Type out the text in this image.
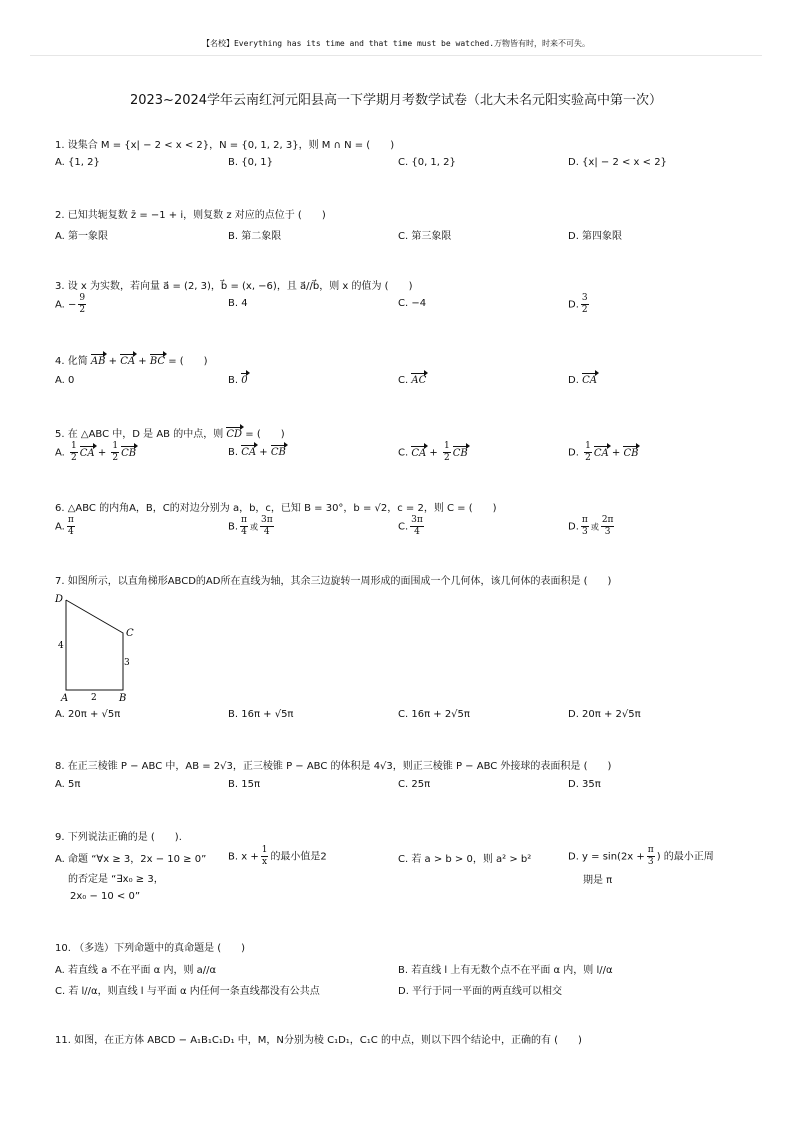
【名校】Everything has its time and that time must be watched.万物皆有时，时来不可失。
2023~2024学年云南红河元阳县高一下学期月考数学试卷（北大未名元阳实验高中第一次）
1. 设集合 M = {x| − 2 < x < 2}，N = {0, 1, 2, 3}，则 M ∩ N = (　　)
A. {1, 2}	B. {0, 1}	C. {0, 1, 2}	D. {x| − 2 < x < 2}
2. 已知共轭复数 z̄ = −1 + i，则复数 z 对应的点位于 (　　)
A. 第一象限	B. 第二象限	C. 第三象限	D. 第四象限
3. 设 x 为实数，若向量 a⃗ = (2, 3)，b⃗ = (x, −6)，且 a⃗//b⃗，则 x 的值为 (　　)
A. − $\frac{9}{2}$	B. 4	C. −4	D. $\frac{3}{2}$
4. 化简 AB + CA + BC = (　　)
A. 0	B. 0	C. AC	D. CA
5. 在 △ABC 中，D 是 AB 的中点，则 CD = (　　)
A. $\frac{1}{2}$ CA + $\frac{1}{2}$ CB	B. CA + CB	C. CA + $\frac{1}{2}$ CB	D. $\frac{1}{2}$ CA + CB
6. △ABC 的内角A，B，C的对边分别为 a，b，c，已知 B = 30°，b = √2，c = 2，则 C = (　　)
A. $\frac{\pi}{4}$	B. $\frac{\pi}{4}$ 或 $\frac{3\pi}{4}$	C. $\frac{3\pi}{4}$	D. $\frac{\pi}{3}$ 或 $\frac{2\pi}{3}$
7. 如图所示，以直角梯形ABCD的AD所在直线为轴，其余三边旋转一周形成的面围成一个几何体，该几何体的表面积是 (　　)
D
C
A	B
4
3
2
A. 20π + √5π	B. 16π + √5π	C. 16π + 2√5π	D. 20π + 2√5π
8. 在正三棱锥 P − ABC 中，AB = 2√3，正三棱锥 P − ABC 的体积是 4√3，则正三棱锥 P − ABC 外接球的表面积是 (　　)
A. 5π	B. 15π	C. 25π	D. 35π
9. 下列说法正确的是 (　　).
A. 命题 “∀x ≥ 3，2x − 10 ≥ 0”
的否定是 “∃x₀ ≥ 3，
2x₀ − 10 < 0”
B. $x + \frac{1}{x}$ 的最小值是2	C. 若 a > b > 0，则 a² > b²	D. $y = \sin(2x + \frac{\pi}{3}$ ) 的最小正周
期是 π
10. （多选）下列命题中的真命题是 (　　)
A. 若直线 a 不在平面 α 内，则 a//α	B. 若直线 l 上有无数个点不在平面 α 内，则 l//α
C. 若 l//α，则直线 l 与平面 α 内任何一条直线都没有公共点	D. 平行于同一平面的两直线可以相交
11. 如图，在正方体 ABCD − A₁B₁C₁D₁ 中，M，N分别为棱 C₁D₁，C₁C 的中点，则以下四个结论中，正确的有 (　　)
